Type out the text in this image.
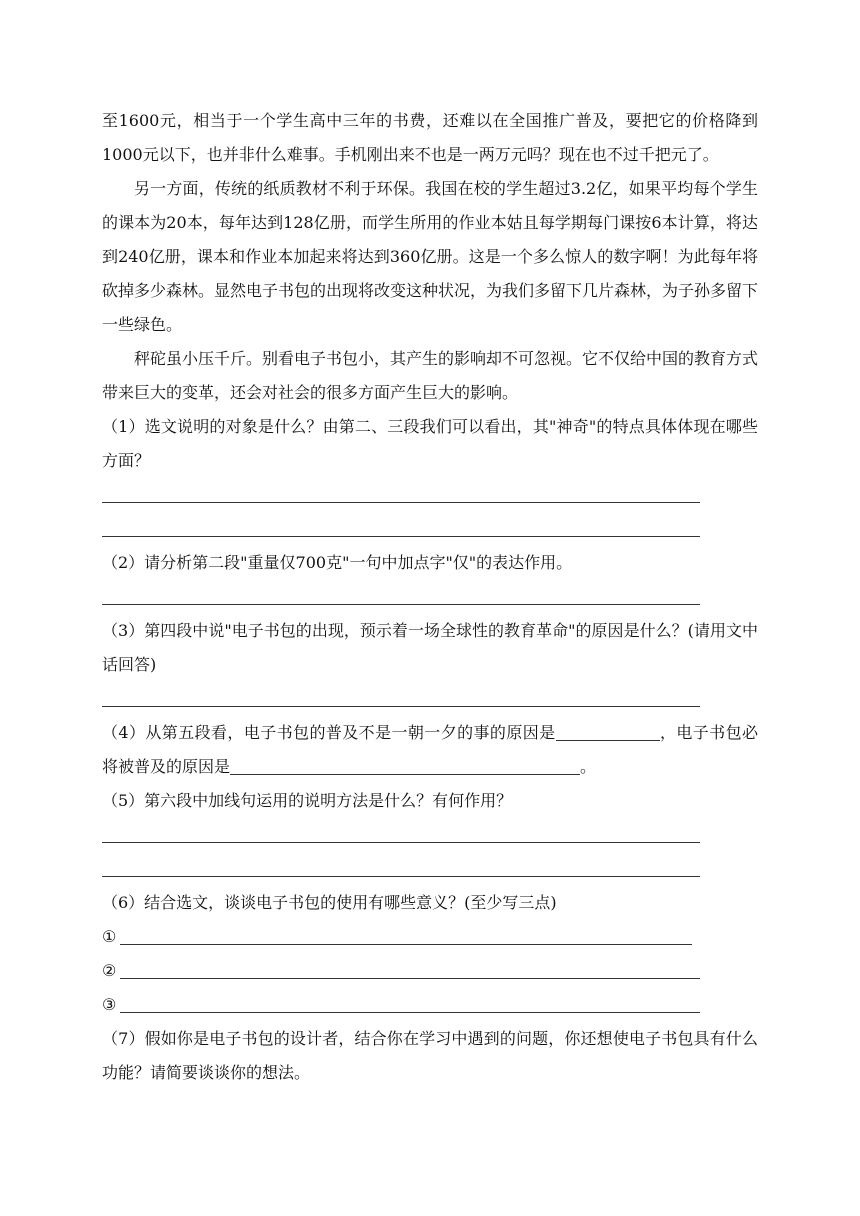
至1600元，相当于一个学生高中三年的书费，还难以在全国推广普及，要把它的价格降到1000元以下，也并非什么难事。手机刚出来不也是一两万元吗？现在也不过千把元了。

另一方面，传统的纸质教材不利于环保。我国在校的学生超过3.2亿，如果平均每个学生的课本为20本，每年达到128亿册，而学生所用的作业本姑且每学期每门课按6本计算，将达到240亿册，课本和作业本加起来将达到360亿册。这是一个多么惊人的数字啊！为此每年将砍掉多少森林。显然电子书包的出现将改变这种状况，为我们多留下几片森林，为子孙多留下一些绿色。

秤砣虽小压千斤。别看电子书包小，其产生的影响却不可忽视。它不仅给中国的教育方式带来巨大的变革，还会对社会的很多方面产生巨大的影响。

（1）选文说明的对象是什么？由第二、三段我们可以看出，其"神奇"的特点具体体现在哪些方面？

（2）请分析第二段"重量仅700克"一句中加点字"仅"的表达作用。

（3）第四段中说"电子书包的出现，预示着一场全球性的教育革命"的原因是什么？(请用文中话回答)

（4）从第五段看，电子书包的普及不是一朝一夕的事的原因是	，电子书包必将被普及的原因是	。

（5）第六段中加线句运用的说明方法是什么？有何作用？

（6）结合选文，谈谈电子书包的使用有哪些意义？(至少写三点)

①
②
③

（7）假如你是电子书包的设计者，结合你在学习中遇到的问题，你还想使电子书包具有什么功能？请简要谈谈你的想法。
